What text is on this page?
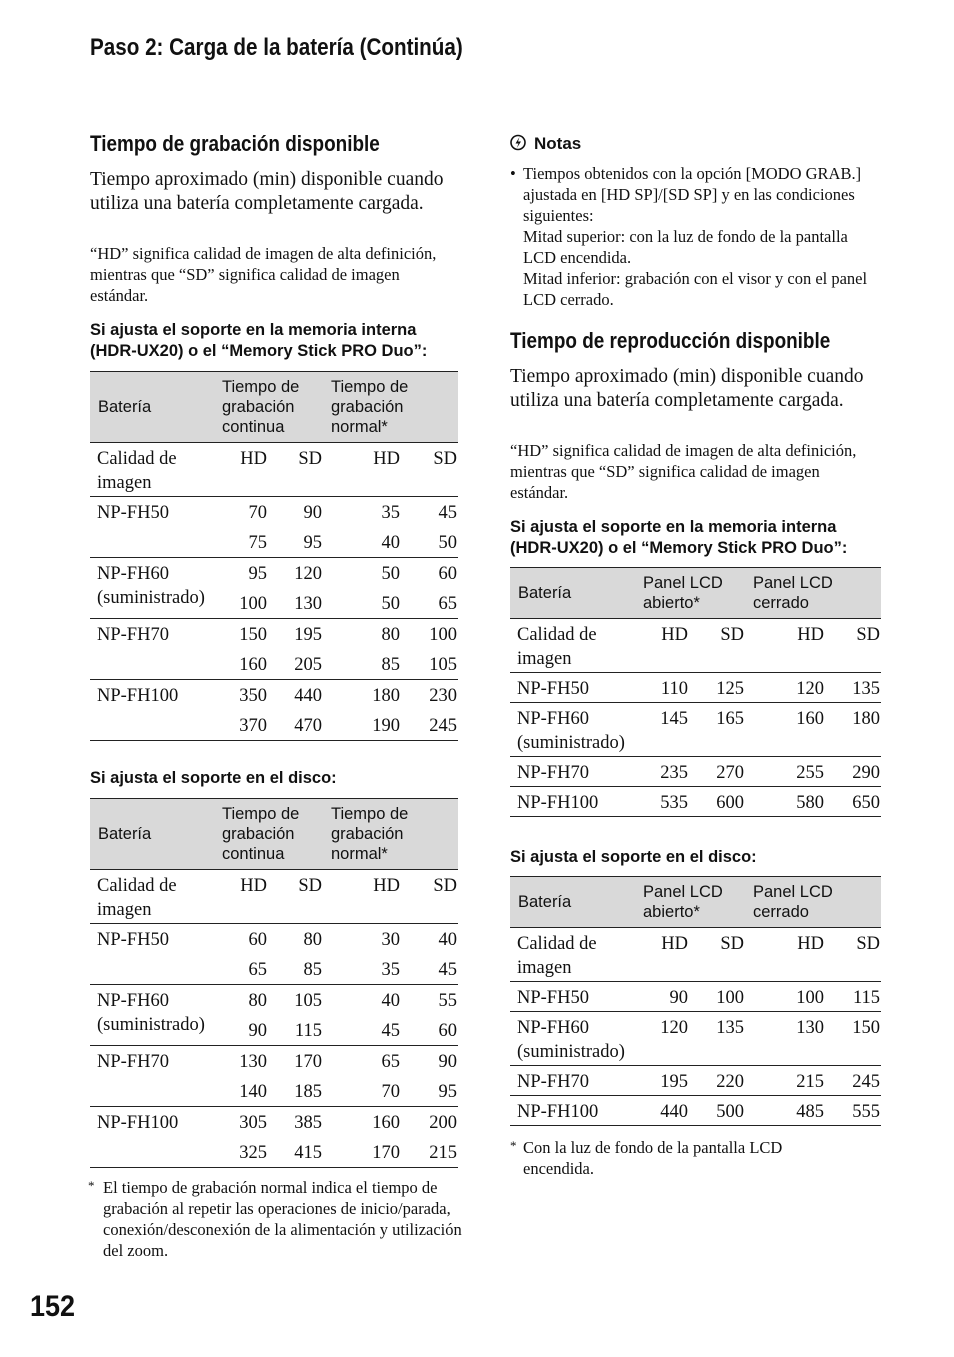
Paso 2: Carga de la batería (Continúa)
Tiempo de grabación disponible
Tiempo aproximado (min) disponible cuando utiliza una batería completamente cargada.
“HD” significa calidad de imagen de alta definición, mientras que “SD” significa calidad de imagen estándar.
Si ajusta el soporte en la memoria interna (HDR-UX20) o el “Memory Stick PRO Duo”:
Batería	Tiempo de grabación continua		Tiempo de grabación normal*	
Calidad de imagen	HD	SD	HD	SD
NP-FH50	70	90	35	45
	75	95	40	50
NP-FH60 (suministrado)	95	120	50	60
	100	130	50	65
NP-FH70	150	195	80	100
	160	205	85	105
NP-FH100	350	440	180	230
	370	470	190	245
Si ajusta el soporte en el disco:
Batería	Tiempo de grabación continua		Tiempo de grabación normal*	
Calidad de imagen	HD	SD	HD	SD
NP-FH50	60	80	30	40
	65	85	35	45
NP-FH60 (suministrado)	80	105	40	55
	90	115	45	60
NP-FH70	130	170	65	90
	140	185	70	95
NP-FH100	305	385	160	200
	325	415	170	215
* El tiempo de grabación normal indica el tiempo de grabación al repetir las operaciones de inicio/parada, conexión/desconexión de la alimentación y utilización del zoom.
Notas
• Tiempos obtenidos con la opción [MODO GRAB.] ajustada en [HD SP]/[SD SP] y en las condiciones siguientes:
Mitad superior: con la luz de fondo de la pantalla LCD encendida.
Mitad inferior: grabación con el visor y con el panel LCD cerrado.
Tiempo de reproducción disponible
Tiempo aproximado (min) disponible cuando utiliza una batería completamente cargada.
“HD” significa calidad de imagen de alta definición, mientras que “SD” significa calidad de imagen estándar.
Si ajusta el soporte en la memoria interna (HDR-UX20) o el “Memory Stick PRO Duo”:
Batería	Panel LCD abierto*		Panel LCD cerrado	
Calidad de imagen	HD	SD	HD	SD
NP-FH50	110	125	120	135
NP-FH60 (suministrado)	145	165	160	180
NP-FH70	235	270	255	290
NP-FH100	535	600	580	650
Si ajusta el soporte en el disco:
Batería	Panel LCD abierto*		Panel LCD cerrado	
Calidad de imagen	HD	SD	HD	SD
NP-FH50	90	100	100	115
NP-FH60 (suministrado)	120	135	130	150
NP-FH70	195	220	215	245
NP-FH100	440	500	485	555
* Con la luz de fondo de la pantalla LCD encendida.
152
